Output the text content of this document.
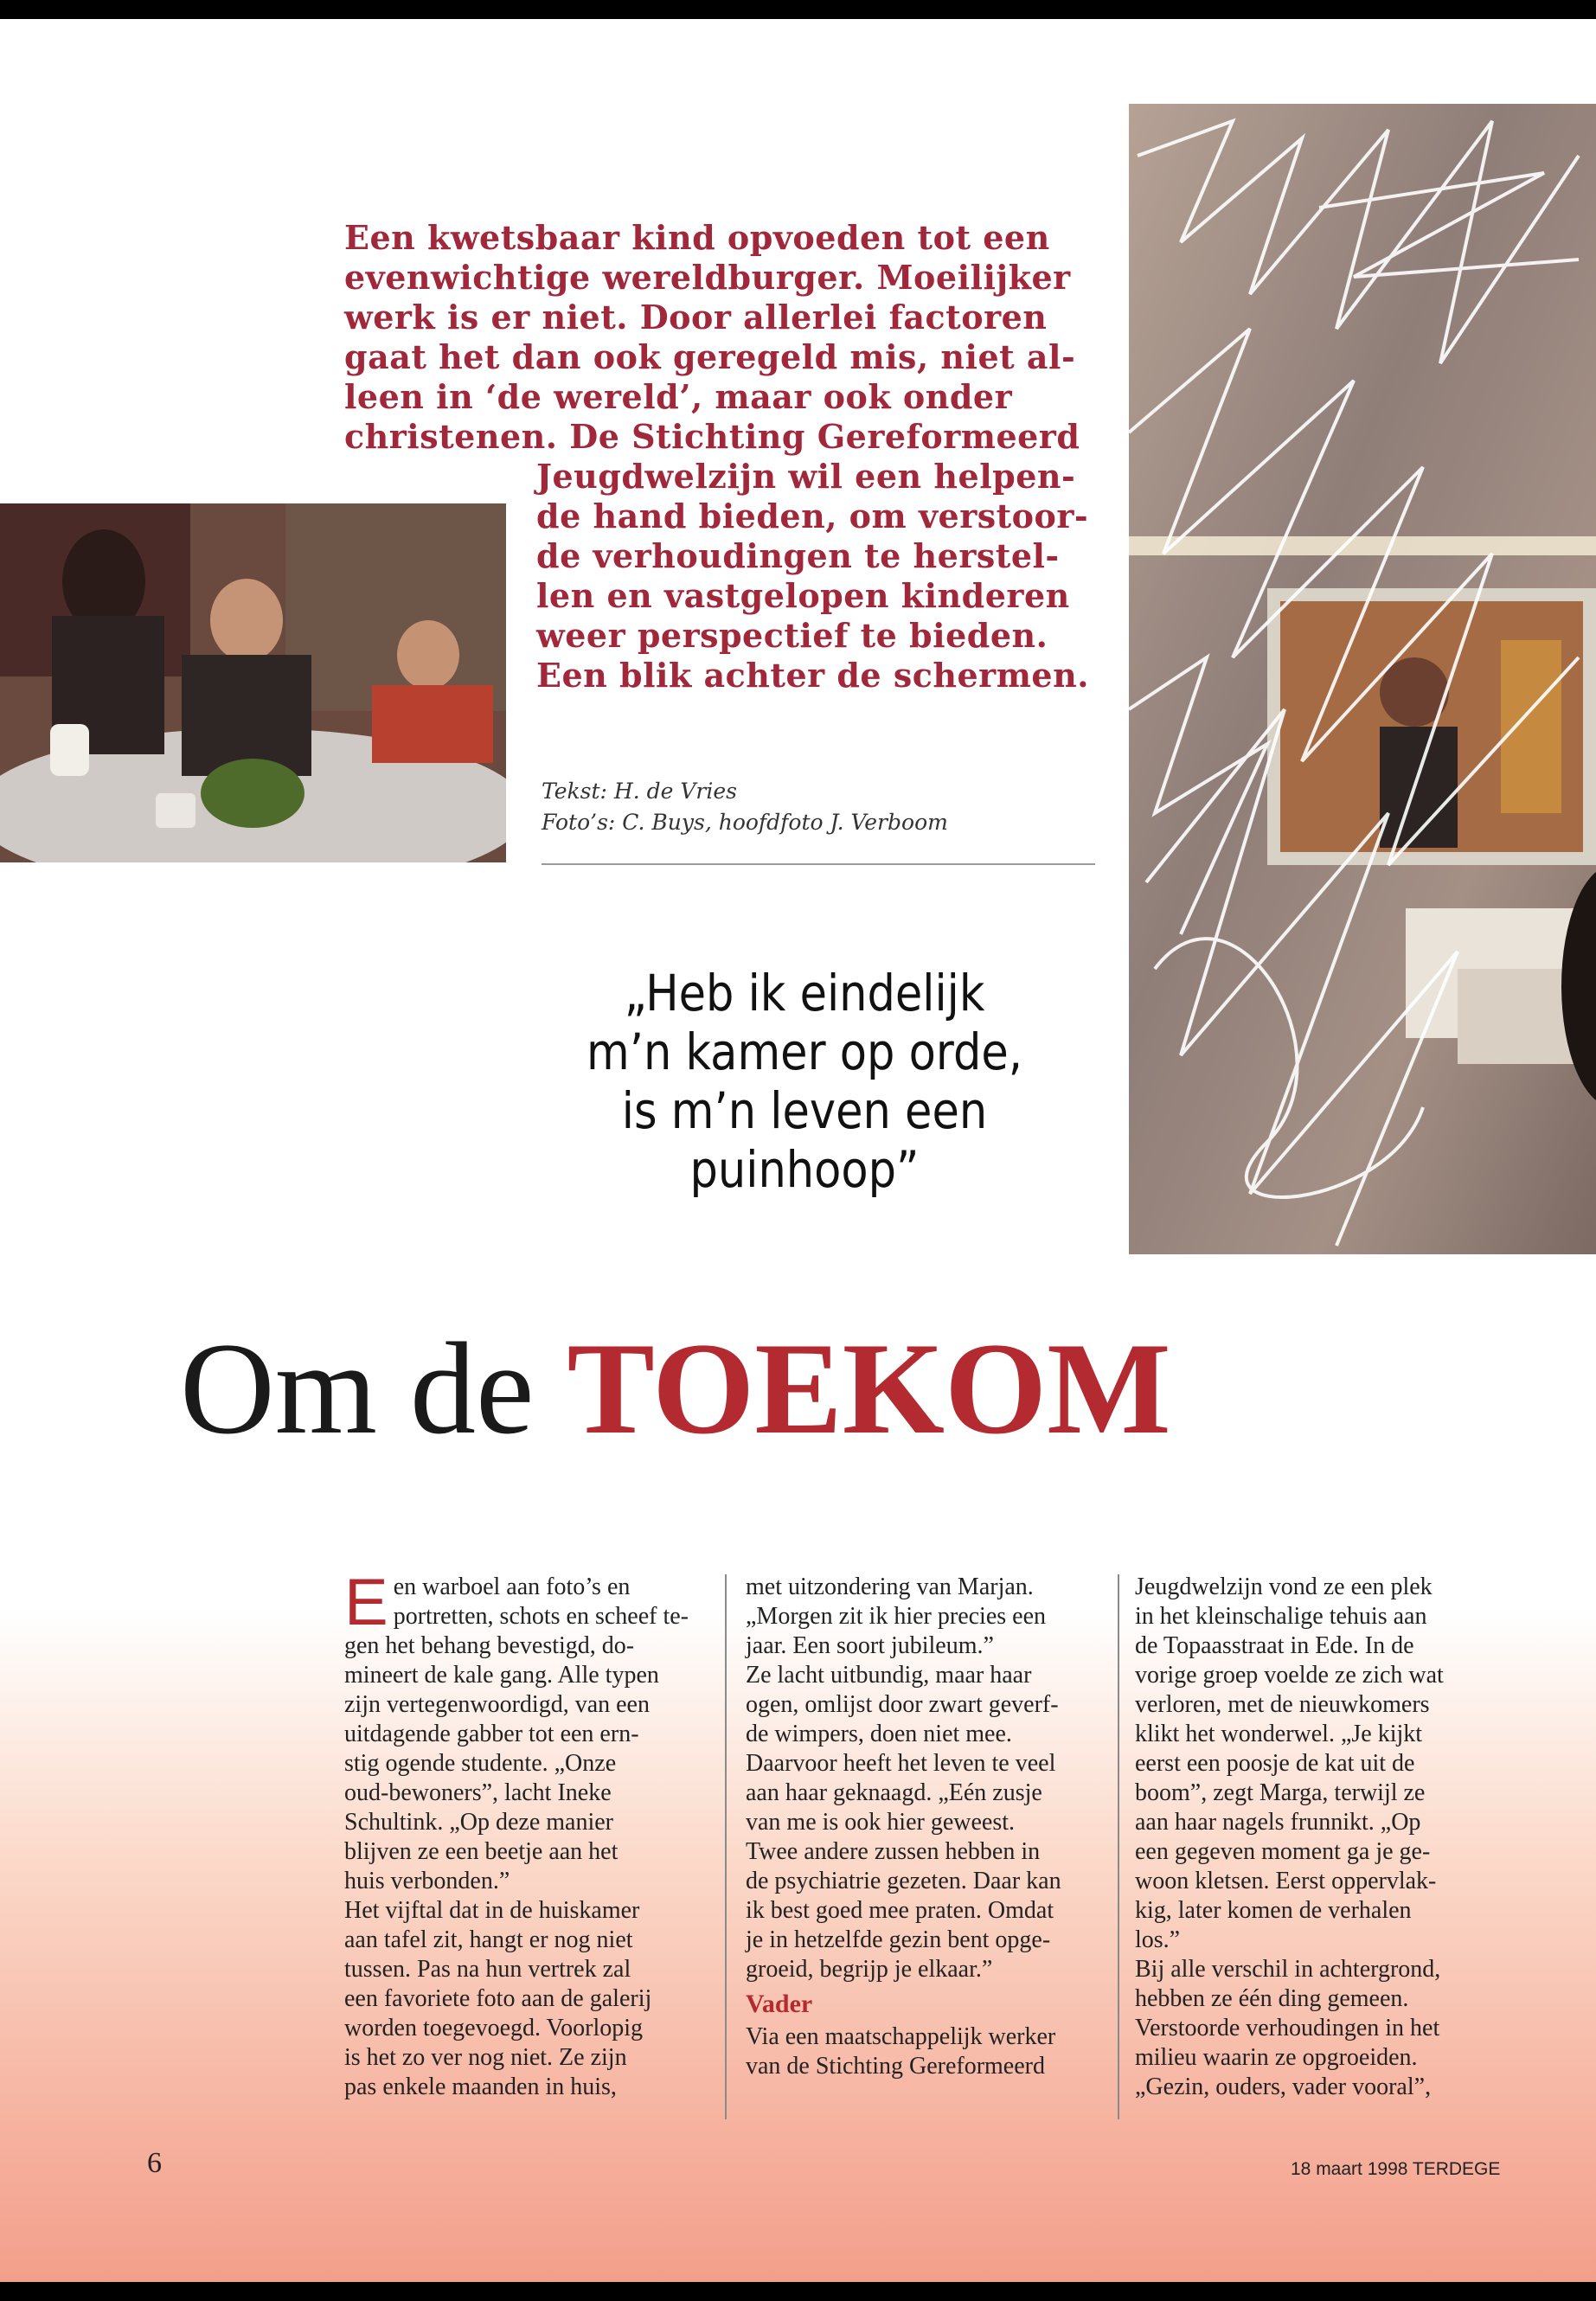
Een kwetsbaar kind opvoeden tot een
evenwichtige wereldburger. Moeilijker
werk is er niet. Door allerlei factoren
gaat het dan ook geregeld mis, niet al-
leen in ‘de wereld’, maar ook onder
christenen. De Stichting Gereformeerd
Jeugdwelzijn wil een helpen-
de hand bieden, om verstoor-
de verhoudingen te herstel-
len en vastgelopen kinderen
weer perspectief te bieden.
Een blik achter de schermen.
Tekst: H. de Vries
Foto’s: C. Buys, hoofdfoto J. Verboom
„Heb ik eindelijk
m’n kamer op orde,
is m’n leven een
puinhoop”
Om de TOEKOM
E en warboel aan foto’s en
portretten, schots en scheef te-
gen het behang bevestigd, do-
mineert de kale gang. Alle typen
zijn vertegenwoordigd, van een
uitdagende gabber tot een ern-
stig ogende studente. „Onze
oud-bewoners”, lacht Ineke
Schultink. „Op deze manier
blijven ze een beetje aan het
huis verbonden.”
Het vijftal dat in de huiskamer
aan tafel zit, hangt er nog niet
tussen. Pas na hun vertrek zal
een favoriete foto aan de galerij
worden toegevoegd. Voorlopig
is het zo ver nog niet. Ze zijn
pas enkele maanden in huis,
met uitzondering van Marjan.
„Morgen zit ik hier precies een
jaar. Een soort jubileum.”
Ze lacht uitbundig, maar haar
ogen, omlijst door zwart geverf-
de wimpers, doen niet mee.
Daarvoor heeft het leven te veel
aan haar geknaagd. „Eén zusje
van me is ook hier geweest.
Twee andere zussen hebben in
de psychiatrie gezeten. Daar kan
ik best goed mee praten. Omdat
je in hetzelfde gezin bent opge-
groeid, begrijp je elkaar.”
Vader
Via een maatschappelijk werker
van de Stichting Gereformeerd
Jeugdwelzijn vond ze een plek
in het kleinschalige tehuis aan
de Topaasstraat in Ede. In de
vorige groep voelde ze zich wat
verloren, met de nieuwkomers
klikt het wonderwel. „Je kijkt
eerst een poosje de kat uit de
boom”, zegt Marga, terwijl ze
aan haar nagels frunnikt. „Op
een gegeven moment ga je ge-
woon kletsen. Eerst oppervlak-
kig, later komen de verhalen
los.”
Bij alle verschil in achtergrond,
hebben ze één ding gemeen.
Verstoorde verhoudingen in het
milieu waarin ze opgroeiden.
„Gezin, ouders, vader vooral”,
6	18 maart 1998 TERDEGE
